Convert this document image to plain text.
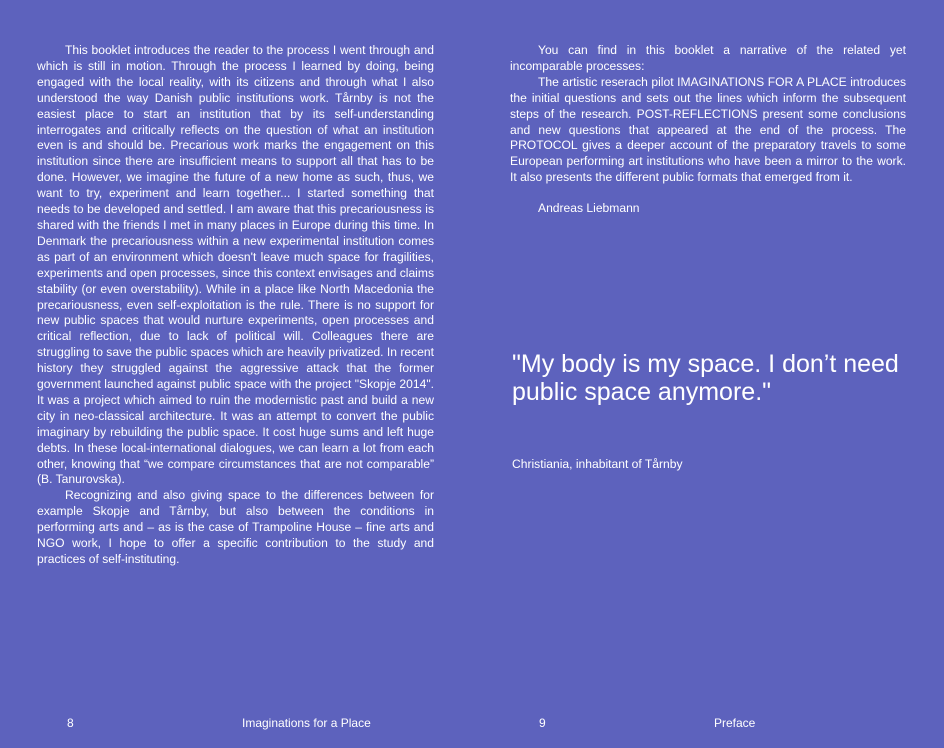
This booklet introduces the reader to the process I went through and which is still in motion. Through the process I learned by doing, being engaged with the local reality, with its citizens and through what I also understood the way Danish public institutions work. Tårnby is not the easiest place to start an institution that by its self-understanding interrogates and critically reflects on the question of what an institution even is and should be. Precarious work marks the engagement on this institution since there are insufficient means to support all that has to be done. However, we imagine the future of a new home as such, thus, we want to try, experiment and learn together... I started something that needs to be developed and settled. I am aware that this precariousness is shared with the friends I met in many places in Europe during this time. In Denmark the precariousness within a new experimental institution comes as part of an environment which doesn't leave much space for fragilities, experiments and open processes, since this context envisages and claims stability (or even overstability). While in a place like North Macedonia the precariousness, even self-exploitation is the rule. There is no support for new public spaces that would nurture experiments, open processes and critical reflection, due to lack of political will. Colleagues there are struggling to save the public spaces which are heavily privatized. In recent history they struggled against the aggressive attack that the former government launched against public space with the project "Skopje 2014". It was a project which aimed to ruin the modernistic past and build a new city in neo-classical architecture. It was an attempt to convert the public imaginary by rebuilding the public space. It cost huge sums and left huge debts. In these local-international dialogues, we can learn a lot from each other, knowing that “we compare circumstances that are not comparable” (B. Tanurovska).

Recognizing and also giving space to the differences between for example Skopje and Tårnby, but also between the conditions in performing arts and – as is the case of Trampoline House – fine arts and NGO work, I hope to offer a specific contribution to the study and practices of self-instituting.

8	Imaginations for a Place

You can find in this booklet a narrative of the related yet incomparable processes:

The artistic reserach pilot IMAGINATIONS FOR A PLACE introduces the initial questions and sets out the lines which inform the subsequent steps of the research. POST-REFLECTIONS present some conclusions and new questions that appeared at the end of the process. The PROTOCOL gives a deeper account of the preparatory travels to some European performing art institutions who have been a mirror to the work. It also presents the different public formats that emerged from it.

Andreas Liebmann

"My body is my space. I don’t need public space anymore."

Christiania, inhabitant of Tårnby

9	Preface
